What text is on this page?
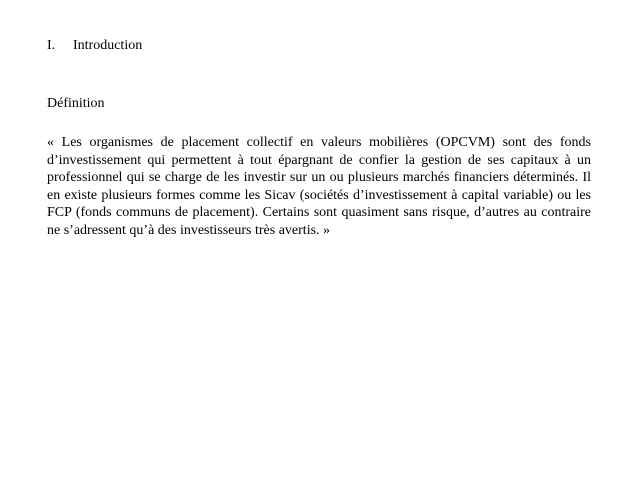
I. Introduction
Définition

« Les organismes de placement collectif en valeurs mobilières (OPCVM) sont des fonds d’investissement qui permettent à tout épargnant de confier la gestion de ses capitaux à un professionnel qui se charge de les investir sur un ou plusieurs marchés financiers déterminés. Il en existe plusieurs formes comme les Sicav (sociétés d’investissement à capital variable) ou les FCP (fonds communs de placement). Certains sont quasiment sans risque, d’autres au contraire ne s’adressent qu’à des investisseurs très avertis. »
